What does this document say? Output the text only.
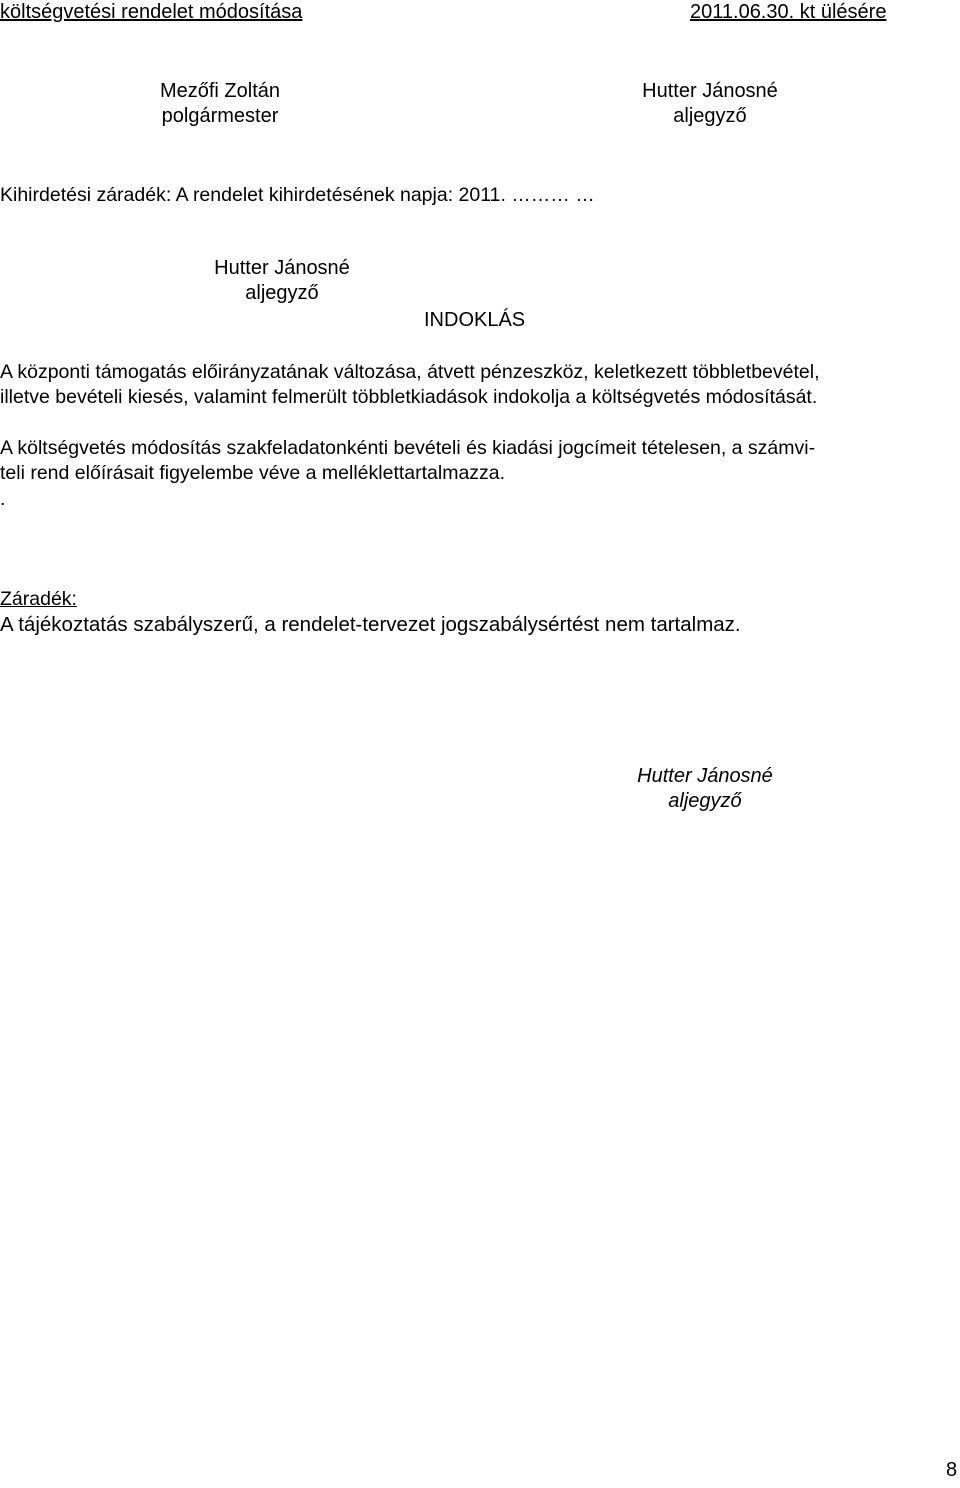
költségvetési rendelet módosítása	2011.06.30. kt ülésére
Mezőfi Zoltán
polgármester
Hutter Jánosné
aljegyző
Kihirdetési záradék: A rendelet kihirdetésének napja: 2011. ……… …
Hutter Jánosné
aljegyző
INDOKLÁS
A központi támogatás előirányzatának változása, átvett pénzeszköz, keletkezett többletbevétel,
illetve bevételi kiesés, valamint felmerült többletkiadások indokolja a költségvetés módosítását.
A költségvetés módosítás szakfeladatonkénti bevételi és kiadási jogcímeit tételesen, a számvi-
teli rend előírásait figyelembe véve a melléklettartalmazza.
.
Záradék:
A tájékoztatás szabályszerű, a rendelet-tervezet jogszabálysértést nem tartalmaz.
Hutter Jánosné
aljegyző
8
